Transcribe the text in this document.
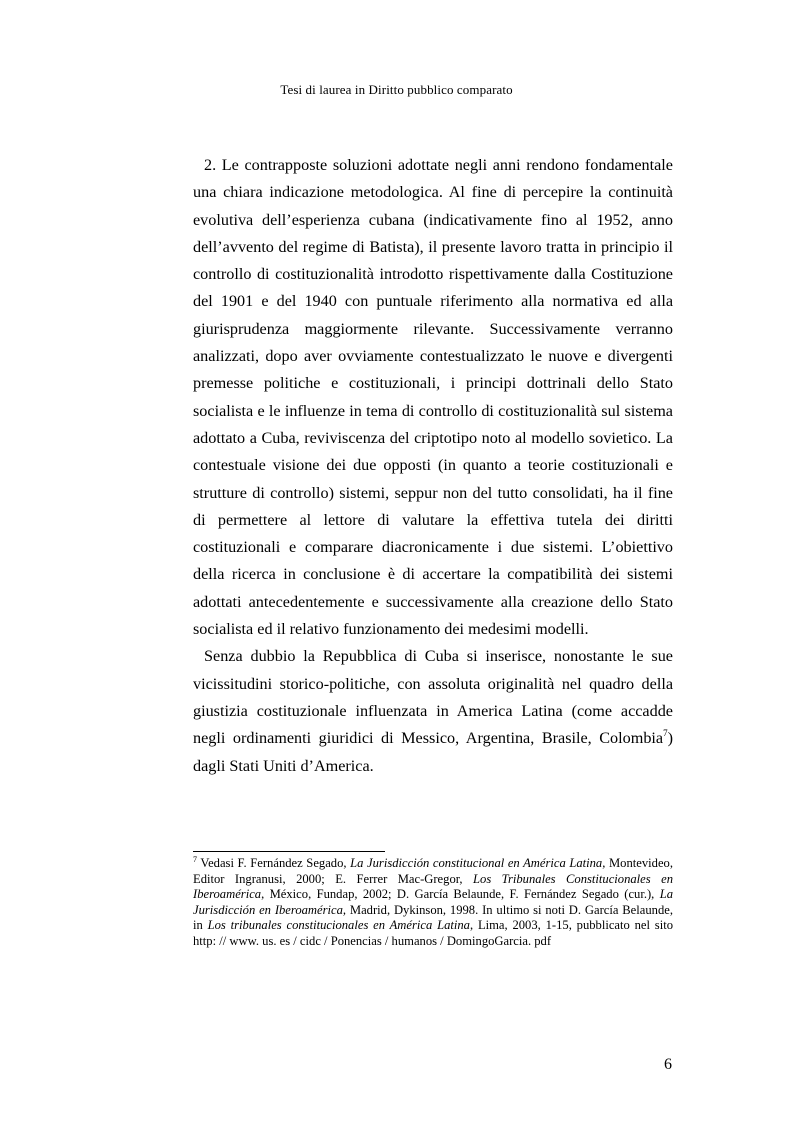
Tesi di laurea in Diritto pubblico comparato

2. Le contrapposte soluzioni adottate negli anni rendono fondamentale una chiara indicazione metodologica. Al fine di percepire la continuità evolutiva dell’esperienza cubana (indicativamente fino al 1952, anno dell’avvento del regime di Batista), il presente lavoro tratta in principio il controllo di costituzionalità introdotto rispettivamente dalla Costituzione del 1901 e del 1940 con puntuale riferimento alla normativa ed alla giurisprudenza maggiormente rilevante. Successivamente verranno analizzati, dopo aver ovviamente contestualizzato le nuove e divergenti premesse politiche e costituzionali, i principi dottrinali dello Stato socialista e le influenze in tema di controllo di costituzionalità sul sistema adottato a Cuba, reviviscenza del criptotipo noto al modello sovietico. La contestuale visione dei due opposti (in quanto a teorie costituzionali e strutture di controllo) sistemi, seppur non del tutto consolidati, ha il fine di permettere al lettore di valutare la effettiva tutela dei diritti costituzionali e comparare diacronicamente i due sistemi. L’obiettivo della ricerca in conclusione è di accertare la compatibilità dei sistemi adottati antecedentemente e successivamente alla creazione dello Stato socialista ed il relativo funzionamento dei medesimi modelli.

Senza dubbio la Repubblica di Cuba si inserisce, nonostante le sue vicissitudini storico-politiche, con assoluta originalità nel quadro della giustizia costituzionale influenzata in America Latina (come accadde negli ordinamenti giuridici di Messico, Argentina, Brasile, Colombia$^7$) dagli Stati Uniti d’America.

$^7$ Vedasi F. Fernández Segado, La Jurisdicción constitucional en América Latina, Montevideo, Editor Ingranusi, 2000; E. Ferrer Mac-Gregor, Los Tribunales Constitucionales en Iberoamérica, México, Fundap, 2002; D. García Belaunde, F. Fernández Segado (cur.), La Jurisdicción en Iberoamérica, Madrid, Dykinson, 1998. In ultimo si noti D. García Belaunde, in Los tribunales constitucionales en América Latina, Lima, 2003, 1-15, pubblicato nel sito http: // www. us. es / cidc / Ponencias / humanos / DomingoGarcia. pdf
6
